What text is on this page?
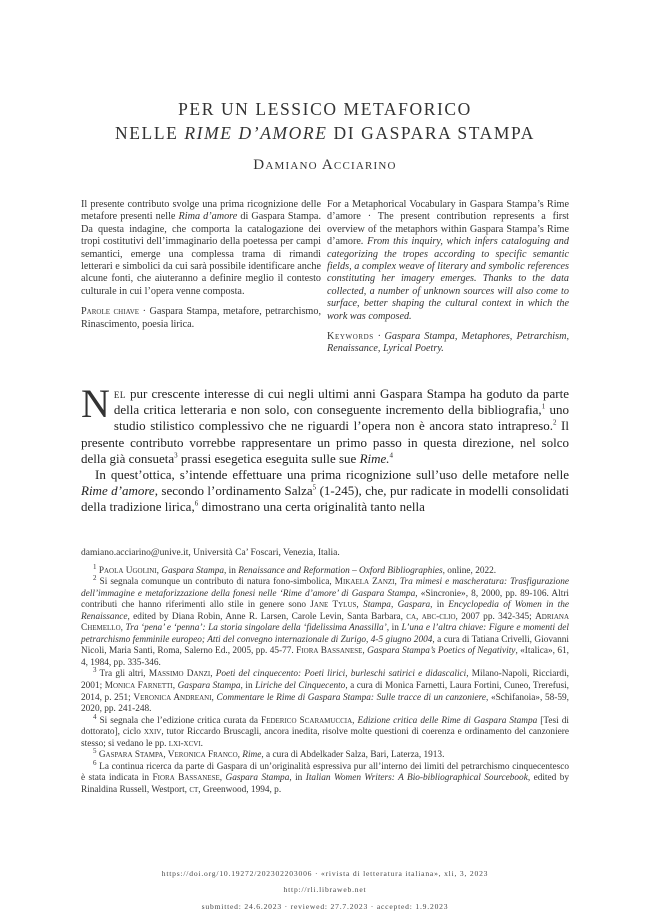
PER UN LESSICO METAFORICO
NELLE RIME D’AMORE DI GASPARA STAMPA
Damiano Acciarino
Il presente contributo svolge una prima ricognizione delle metafore presenti nelle Rima d’amore di Gaspara Stampa. Da questa indagine, che comporta la catalogazione dei tropi costitutivi dell’immaginario della poetessa per campi semantici, emerge una complessa trama di rimandi letterari e simbolici da cui sarà possibile identificare anche alcune fonti, che aiuteranno a definire meglio il contesto culturale in cui l’opera venne composta.
Parole chiave · Gaspara Stampa, metafore, petrarchismo, Rinascimento, poesia lirica.
For a Metaphorical Vocabulary in Gaspara Stampa’s Rime d’amore · The present contribution represents a first overview of the metaphors within Gaspara Stampa’s Rime d’amore. From this inquiry, which infers cataloguing and categorizing the tropes according to specific semantic fields, a complex weave of literary and symbolic references constituting her imagery emerges. Thanks to the data collected, a number of unknown sources will also come to surface, better shaping the cultural context in which the work was composed.
Keywords · Gaspara Stampa, Metaphores, Petrarchism, Renaissance, Lyrical Poetry.

Nel pur crescente interesse di cui negli ultimi anni Gaspara Stampa ha goduto da parte della critica letteraria e non solo, con conseguente incremento della bibliografia,$^1$ uno studio stilistico complessivo che ne riguardi l’opera non è ancora stato intrapreso.$^2$ Il presente contributo vorrebbe rappresentare un primo passo in questa direzione, nel solco della già consueta$^3$ prassi esegetica eseguita sulle sue Rime.$^4$

In quest’ottica, s’intende effettuare una prima ricognizione sull’uso delle metafore nelle Rime d’amore, secondo l’ordinamento Salza$^5$ (1-245), che, pur radicate in modelli consolidati della tradizione lirica,$^6$ dimostrano una certa originalità tanto nella

damiano.acciarino@unive.it, Università Ca’ Foscari, Venezia, Italia.

$^1$ Paola Ugolini, Gaspara Stampa, in Renaissance and Reformation – Oxford Bibliographies, online, 2022.

$^2$ Si segnala comunque un contributo di natura fono-simbolica, Mikaela Zanzi, Tra mimesi e mascheratura: Trasfigurazione dell’immagine e metaforizzazione della fonesi nelle ‘Rime d’amore’ di Gaspara Stampa, «Sincronie», 8, 2000, pp. 89-106. Altri contributi che hanno riferimenti allo stile in genere sono Jane Tylus, Stampa, Gaspara, in Encyclopedia of Women in the Renaissance, edited by Diana Robin, Anne R. Larsen, Carole Levin, Santa Barbara, ca, abc-clio, 2007 pp. 342-345; Adriana Chemello, Tra ‘pena’ e ‘penna’: La storia singolare della ‘fidelissima Anassilla’, in L’una e l’altra chiave: Figure e momenti del petrarchismo femminile europeo; Atti del convegno internazionale di Zurigo, 4-5 giugno 2004, a cura di Tatiana Crivelli, Giovanni Nicoli, Maria Santi, Roma, Salerno Ed., 2005, pp. 45-77. Fiora Bassanese, Gaspara Stampa’s Poetics of Negativity, «Italica», 61, 4, 1984, pp. 335-346.

$^3$ Tra gli altri, Massimo Danzi, Poeti del cinquecento: Poeti lirici, burleschi satirici e didascalici, Milano-Napoli, Ricciardi, 2001; Monica Farnetti, Gaspara Stampa, in Liriche del Cinquecento, a cura di Monica Farnetti, Laura Fortini, Cuneo, Trerefusi, 2014, p. 251; Veronica Andreani, Commentare le Rime di Gaspara Stampa: Sulle tracce di un canzoniere, «Schifanoia», 58-59, 2020, pp. 241-248.

$^4$ Si segnala che l’edizione critica curata da Federico Scaramuccia, Edizione critica delle Rime di Gaspara Stampa [Tesi di dottorato], ciclo xxiv, tutor Riccardo Bruscagli, ancora inedita, risolve molte questioni di coerenza e ordinamento del canzoniere stesso; si vedano le pp. lxi-xcvi.

$^5$ Gaspara Stampa, Veronica Franco, Rime, a cura di Abdelkader Salza, Bari, Laterza, 1913.

$^6$ La continua ricerca da parte di Gaspara di un’originalità espressiva pur all’interno dei limiti del petrarchismo cinquecentesco è stata indicata in Fiora Bassanese, Gaspara Stampa, in Italian Women Writers: A Bio-bibliographical Sourcebook, edited by Rinaldina Russell, Westport, ct, Greenwood, 1994, p.

https://doi.org/10.19272/202302203006 · «rivista di letteratura italiana», xli, 3, 2023
http://rli.libraweb.net
submitted: 24.6.2023 · reviewed: 27.7.2023 · accepted: 1.9.2023
